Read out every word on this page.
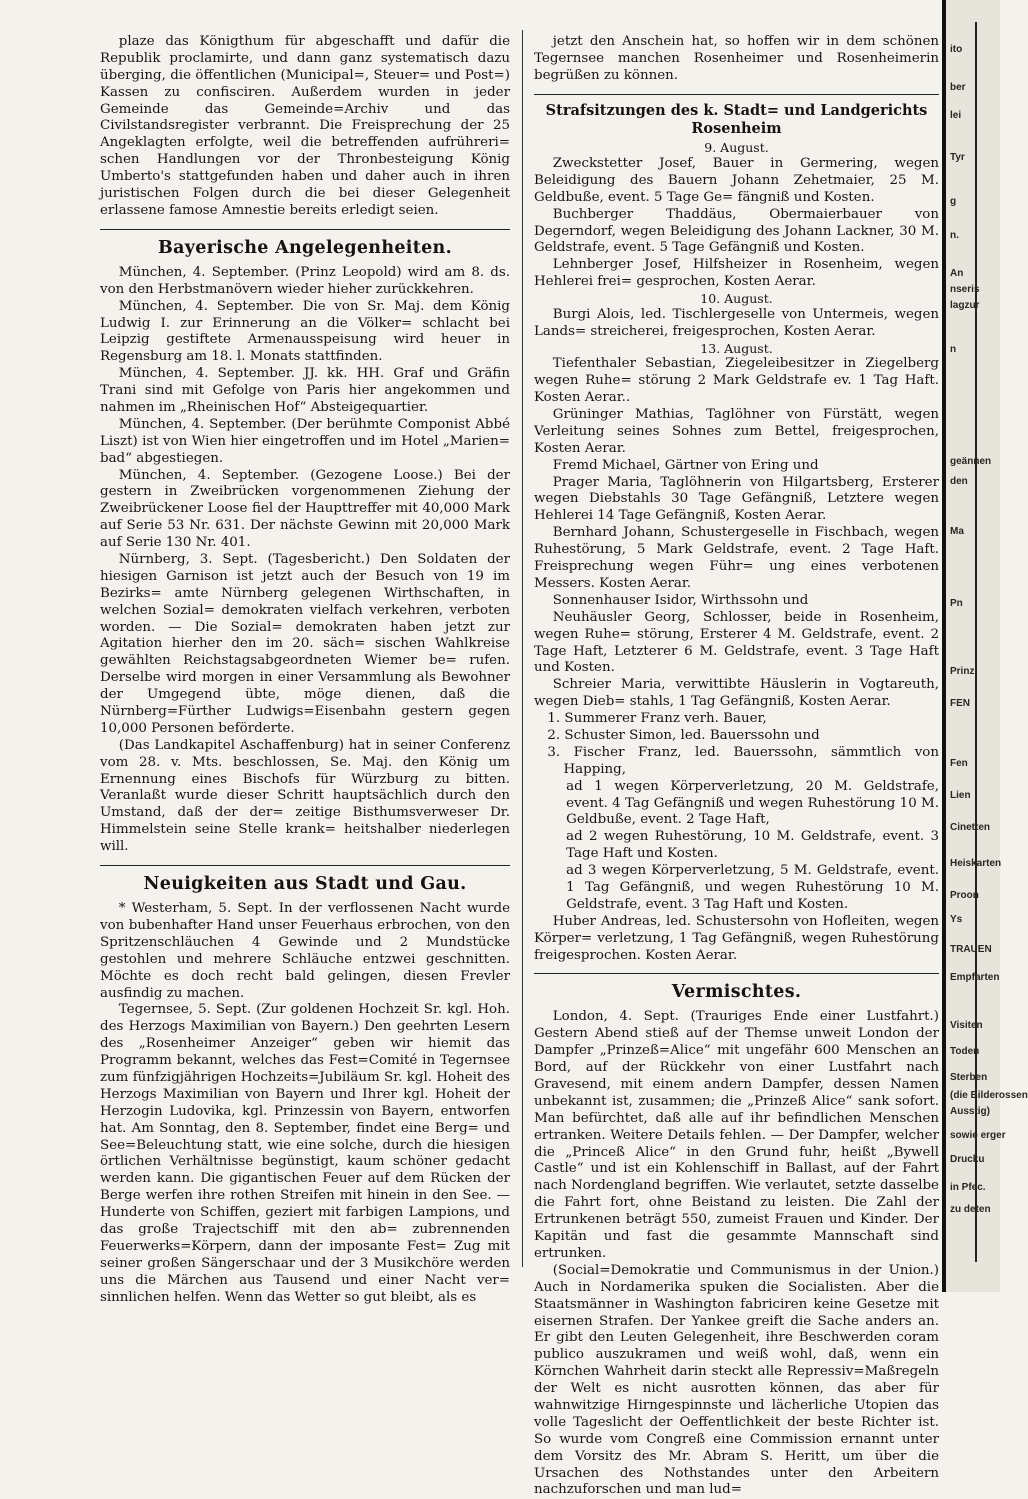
plaze das Königthum für abgeschafft und dafür die Republik proclamirte, und dann ganz systematisch dazu überging, die öffentlichen (Municipal=, Steuer= und Post=) Kassen zu confisciren. Außerdem wurden in jeder Gemeinde das Gemeinde=Archiv und das Civilstandsregister verbrannt. Die Freisprechung der 25 Angeklagten erfolgte, weil die betreffenden aufrühreri= schen Handlungen vor der Thronbesteigung König Umberto's stattgefunden haben und daher auch in ihren juristischen Folgen durch die bei dieser Gelegenheit erlassene famose Amnestie bereits erledigt seien.

Bayerische Angelegenheiten.

München, 4. September. (Prinz Leopold) wird am 8. ds. von den Herbstmanövern wieder hieher zurückkehren.

München, 4. September. Die von Sr. Maj. dem König Ludwig I. zur Erinnerung an die Völker= schlacht bei Leipzig gestiftete Armenausspeisung wird heuer in Regensburg am 18. l. Monats stattfinden.

München, 4. September. JJ. kk. HH. Graf und Gräfin Trani sind mit Gefolge von Paris hier angekommen und nahmen im „Rheinischen Hof“ Absteigequartier.

München, 4. September. (Der berühmte Componist Abbé Liszt) ist von Wien hier eingetroffen und im Hotel „Marien= bad“ abgestiegen.

München, 4. September. (Gezogene Loose.) Bei der gestern in Zweibrücken vorgenommenen Ziehung der Zweibrückener Loose fiel der Haupttreffer mit 40,000 Mark auf Serie 53 Nr. 631. Der nächste Gewinn mit 20,000 Mark auf Serie 130 Nr. 401.

Nürnberg, 3. Sept. (Tagesbericht.) Den Soldaten der hiesigen Garnison ist jetzt auch der Besuch von 19 im Bezirks= amte Nürnberg gelegenen Wirthschaften, in welchen Sozial= demokraten vielfach verkehren, verboten worden. — Die Sozial= demokraten haben jetzt zur Agitation hierher den im 20. säch= sischen Wahlkreise gewählten Reichstagsabgeordneten Wiemer be= rufen. Derselbe wird morgen in einer Versammlung als Bewohner der Umgegend übte, möge dienen, daß die Nürnberg=Fürther Ludwigs=Eisenbahn gestern gegen 10,000 Personen beförderte.

(Das Landkapitel Aschaffenburg) hat in seiner Conferenz vom 28. v. Mts. beschlossen, Se. Maj. den König um Ernennung eines Bischofs für Würzburg zu bitten. Veranlaßt wurde dieser Schritt hauptsächlich durch den Umstand, daß der der= zeitige Bisthumsverweser Dr. Himmelstein seine Stelle krank= heitshalber niederlegen will.

Neuigkeiten aus Stadt und Gau.

* Westerham, 5. Sept. In der verflossenen Nacht wurde von bubenhafter Hand unser Feuerhaus erbrochen, von den Spritzenschläuchen 4 Gewinde und 2 Mundstücke gestohlen und mehrere Schläuche entzwei geschnitten. Möchte es doch recht bald gelingen, diesen Frevler ausfindig zu machen.

Tegernsee, 5. Sept. (Zur goldenen Hochzeit Sr. kgl. Hoh. des Herzogs Maximilian von Bayern.) Den geehrten Lesern des „Rosenheimer Anzeiger“ geben wir hiemit das Programm bekannt, welches das Fest=Comité in Tegernsee zum fünfzigjährigen Hochzeits=Jubiläum Sr. kgl. Hoheit des Herzogs Maximilian von Bayern und Ihrer kgl. Hoheit der Herzogin Ludovika, kgl. Prinzessin von Bayern, entworfen hat. Am Sonntag, den 8. September, findet eine Berg= und See=Beleuchtung statt, wie eine solche, durch die hiesigen örtlichen Verhältnisse begünstigt, kaum schöner gedacht werden kann. Die gigantischen Feuer auf dem Rücken der Berge werfen ihre rothen Streifen mit hinein in den See. — Hunderte von Schiffen, geziert mit farbigen Lampions, und das große Trajectschiff mit den ab= zubrennenden Feuerwerks=Körpern, dann der imposante Fest= Zug mit seiner großen Sängerschaar und der 3 Musikchöre werden uns die Märchen aus Tausend und einer Nacht ver= sinnlichen helfen. Wenn das Wetter so gut bleibt, als es

jetzt den Anschein hat, so hoffen wir in dem schönen Tegernsee manchen Rosenheimer und Rosenheimerin begrüßen zu können.

Strafsitzungen des k. Stadt= und Landgerichts Rosenheim
9. August.

Zweckstetter Josef, Bauer in Germering, wegen Beleidigung des Bauern Johann Zehetmaier, 25 M. Geldbuße, event. 5 Tage Ge= fängniß und Kosten.

Buchberger Thaddäus, Obermaierbauer von Degerndorf, wegen Beleidigung des Johann Lackner, 30 M. Geldstrafe, event. 5 Tage Gefängniß und Kosten.

Lehnberger Josef, Hilfsheizer in Rosenheim, wegen Hehlerei frei= gesprochen, Kosten Aerar.

10. August.

Burgi Alois, led. Tischlergeselle von Untermeis, wegen Lands= streicherei, freigesprochen, Kosten Aerar.

13. August.

Tiefenthaler Sebastian, Ziegeleibesitzer in Ziegelberg wegen Ruhe= störung 2 Mark Geldstrafe ev. 1 Tag Haft. Kosten Aerar..

Grüninger Mathias, Taglöhner von Fürstätt, wegen Verleitung seines Sohnes zum Bettel, freigesprochen, Kosten Aerar.

Fremd Michael, Gärtner von Ering und

Prager Maria, Taglöhnerin von Hilgartsberg, Ersterer wegen Diebstahls 30 Tage Gefängniß, Letztere wegen Hehlerei 14 Tage Gefängniß, Kosten Aerar.

Bernhard Johann, Schustergeselle in Fischbach, wegen Ruhestörung, 5 Mark Geldstrafe, event. 2 Tage Haft. Freisprechung wegen Führ= ung eines verbotenen Messers. Kosten Aerar.

Sonnenhauser Isidor, Wirthssohn und

Neuhäusler Georg, Schlosser, beide in Rosenheim, wegen Ruhe= störung, Ersterer 4 M. Geldstrafe, event. 2 Tage Haft, Letzterer 6 M. Geldstrafe, event. 3 Tage Haft und Kosten.

Schreier Maria, verwittibte Häuslerin in Vogtareuth, wegen Dieb= stahls, 1 Tag Gefängniß, Kosten Aerar.

1. Summerer Franz verh. Bauer,

2. Schuster Simon, led. Bauerssohn und

3. Fischer Franz, led. Bauerssohn, sämmtlich von Happing,

ad 1 wegen Körperverletzung, 20 M. Geldstrafe, event. 4 Tag Gefängniß und wegen Ruhestörung 10 M. Geldbuße, event. 2 Tage Haft,

ad 2 wegen Ruhestörung, 10 M. Geldstrafe, event. 3 Tage Haft und Kosten.

ad 3 wegen Körperverletzung, 5 M. Geldstrafe, event. 1 Tag Gefängniß, und wegen Ruhestörung 10 M. Geldstrafe, event. 3 Tag Haft und Kosten.

Huber Andreas, led. Schustersohn von Hofleiten, wegen Körper= verletzung, 1 Tag Gefängniß, wegen Ruhestörung freigesprochen. Kosten Aerar.

Vermischtes.

London, 4. Sept. (Trauriges Ende einer Lustfahrt.) Gestern Abend stieß auf der Themse unweit London der Dampfer „Prinzeß=Alice“ mit ungefähr 600 Menschen an Bord, auf der Rückkehr von einer Lustfahrt nach Gravesend, mit einem andern Dampfer, dessen Namen unbekannt ist, zusammen; die „Prinzeß Alice“ sank sofort. Man befürchtet, daß alle auf ihr befindlichen Menschen ertranken. Weitere Details fehlen. — Der Dampfer, welcher die „Princeß Alice“ in den Grund fuhr, heißt „Bywell Castle“ und ist ein Kohlenschiff in Ballast, auf der Fahrt nach Nordengland begriffen. Wie verlautet, setzte dasselbe die Fahrt fort, ohne Beistand zu leisten. Die Zahl der Ertrunkenen beträgt 550, zumeist Frauen und Kinder. Der Kapitän und fast die gesammte Mannschaft sind ertrunken.

(Social=Demokratie und Communismus in der Union.) Auch in Nordamerika spuken die Socialisten. Aber die Staatsmänner in Washington fabriciren keine Gesetze mit eisernen Strafen. Der Yankee greift die Sache anders an. Er gibt den Leuten Gelegenheit, ihre Beschwerden coram publico auszukramen und weiß wohl, daß, wenn ein Körnchen Wahrheit darin steckt alle Repressiv=Maßregeln der Welt es nicht ausrotten können, das aber für wahnwitzige Hirngespinnste und lächerliche Utopien das volle Tageslicht der Oeffentlichkeit der beste Richter ist. So wurde vom Congreß eine Commission ernannt unter dem Vorsitz des Mr. Abram S. Heritt, um über die Ursachen des Nothstandes unter den Arbeitern nachzuforschen und man lud=

ito
ber
lei
Tyr
g
n.
An
nseris
lagzur
n
geännen
den
Ma
Pn
Prinz
FEN
Fen
Lien
Cinetten
Heiskarten
Proon
Ys
TRAUEN
Empfarten
Visiten
Toden
Sterben
(die Bilderossen
Ausstig)
sowie erger
Drucku
in Pfec.
zu deten
